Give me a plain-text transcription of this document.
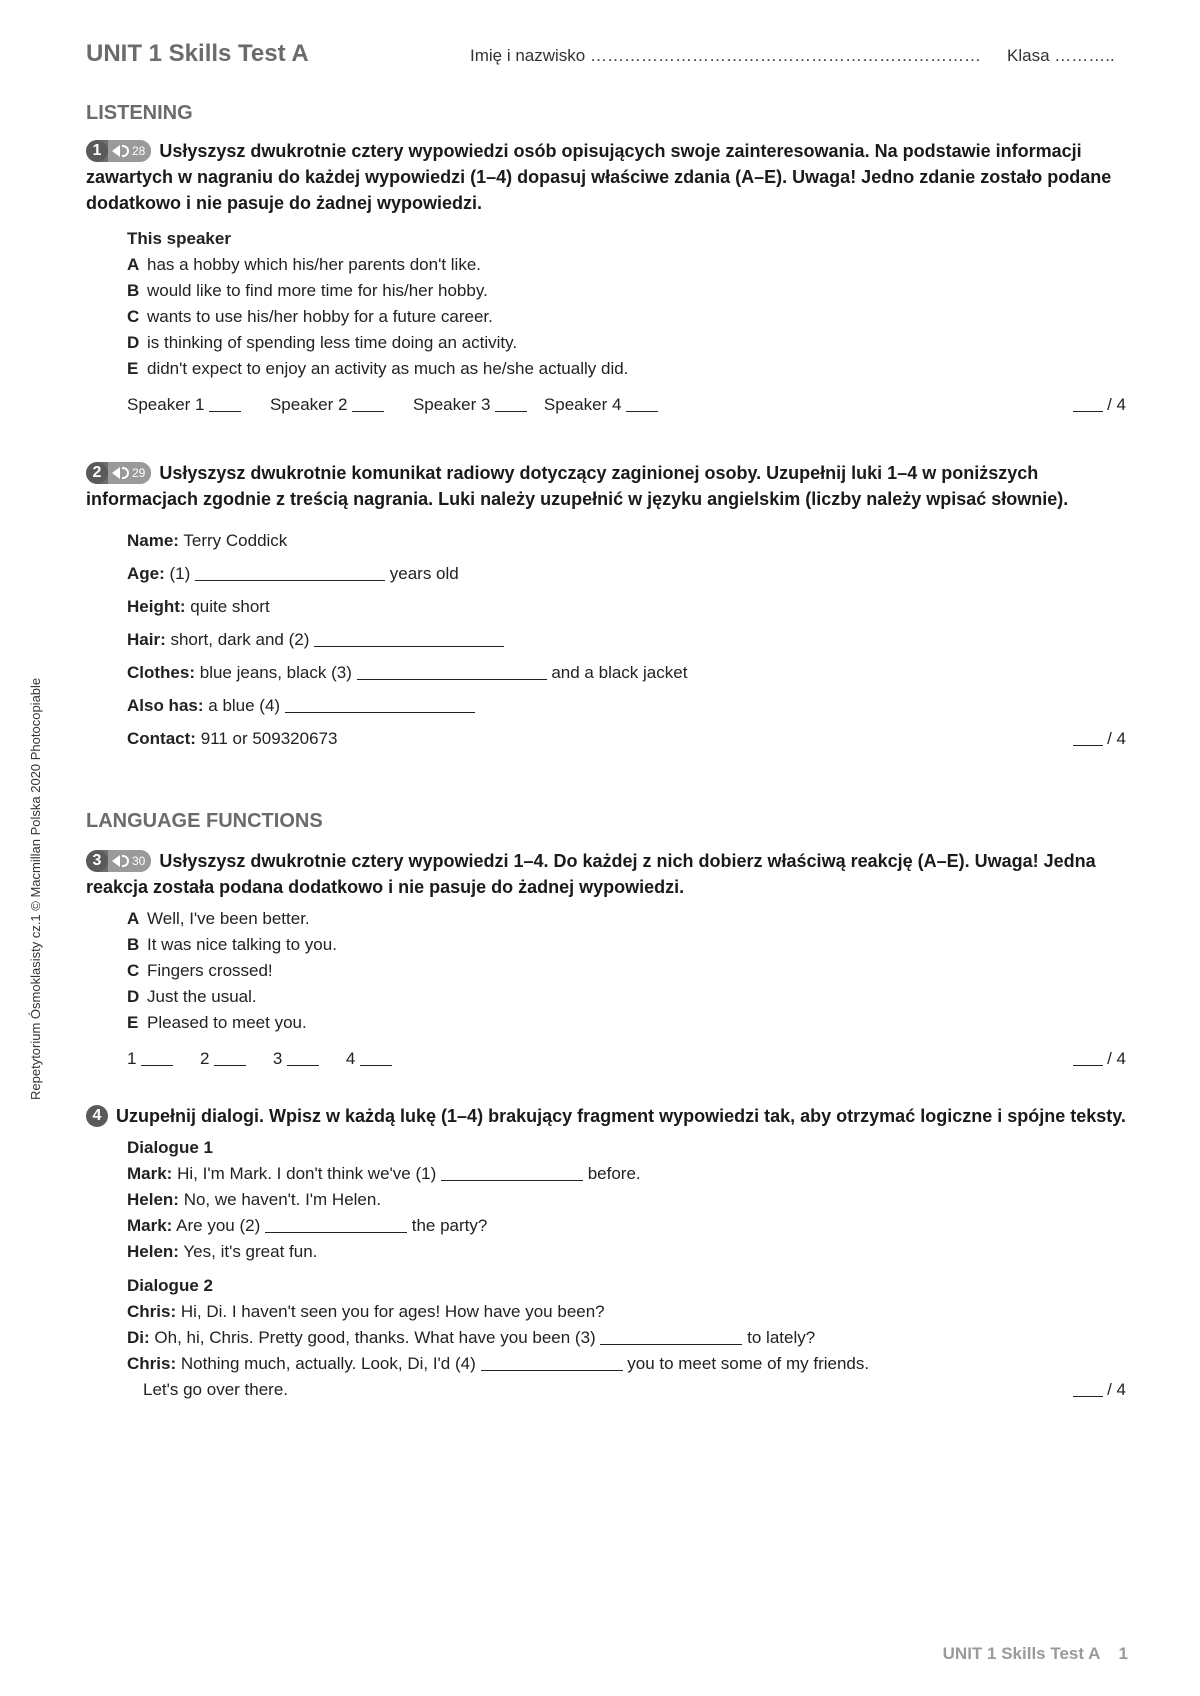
UNIT 1 Skills Test A	Imię i nazwisko …………………………………………………………… Klasa ………..
LISTENING
1	28 Usłyszysz dwukrotnie cztery wypowiedzi osób opisujących swoje zainteresowania. Na podstawie informacji zawartych w nagraniu do każdej wypowiedzi (1–4) dopasuj właściwe zdania (A–E). Uwaga! Jedno zdanie zostało podane dodatkowo i nie pasuje do żadnej wypowiedzi.
This speaker
A has a hobby which his/her parents don't like.
B would like to find more time for his/her hobby.
C wants to use his/her hobby for a future career.
D is thinking of spending less time doing an activity.
E didn't expect to enjoy an activity as much as he/she actually did.
Speaker 1	Speaker 2	Speaker 3	Speaker 4	/ 4
2	29 Usłyszysz dwukrotnie komunikat radiowy dotyczący zaginionej osoby. Uzupełnij luki 1–4 w poniższych informacjach zgodnie z treścią nagrania. Luki należy uzupełnić w języku angielskim (liczby należy wpisać słownie).
Name: Terry Coddick
Age: (1)	years old
Height: quite short
Hair: short, dark and (2)
Clothes: blue jeans, black (3)	and a black jacket
Also has: a blue (4)
Contact: 911 or 509320673	/ 4
LANGUAGE FUNCTIONS
3	30 Usłyszysz dwukrotnie cztery wypowiedzi 1–4. Do każdej z nich dobierz właściwą reakcję (A–E). Uwaga! Jedna reakcja została podana dodatkowo i nie pasuje do żadnej wypowiedzi.
A Well, I've been better.
B It was nice talking to you.
C Fingers crossed!
D Just the usual.
E Pleased to meet you.
1	2	3	4	/ 4
4 Uzupełnij dialogi. Wpisz w każdą lukę (1–4) brakujący fragment wypowiedzi tak, aby otrzymać logiczne i spójne teksty.
Dialogue 1
Mark: Hi, I'm Mark. I don't think we've (1)	before.
Helen: No, we haven't. I'm Helen.
Mark: Are you (2)	the party?
Helen: Yes, it's great fun.
Dialogue 2
Chris: Hi, Di. I haven't seen you for ages! How have you been?
Di: Oh, hi, Chris. Pretty good, thanks. What have you been (3)	to lately?
Chris: Nothing much, actually. Look, Di, I'd (4)	you to meet some of my friends.
Let's go over there.	/ 4
UNIT 1 Skills Test A 1
Repetytorium Ósmoklasisty cz.1 © Macmillan Polska 2020 Photocopiable
